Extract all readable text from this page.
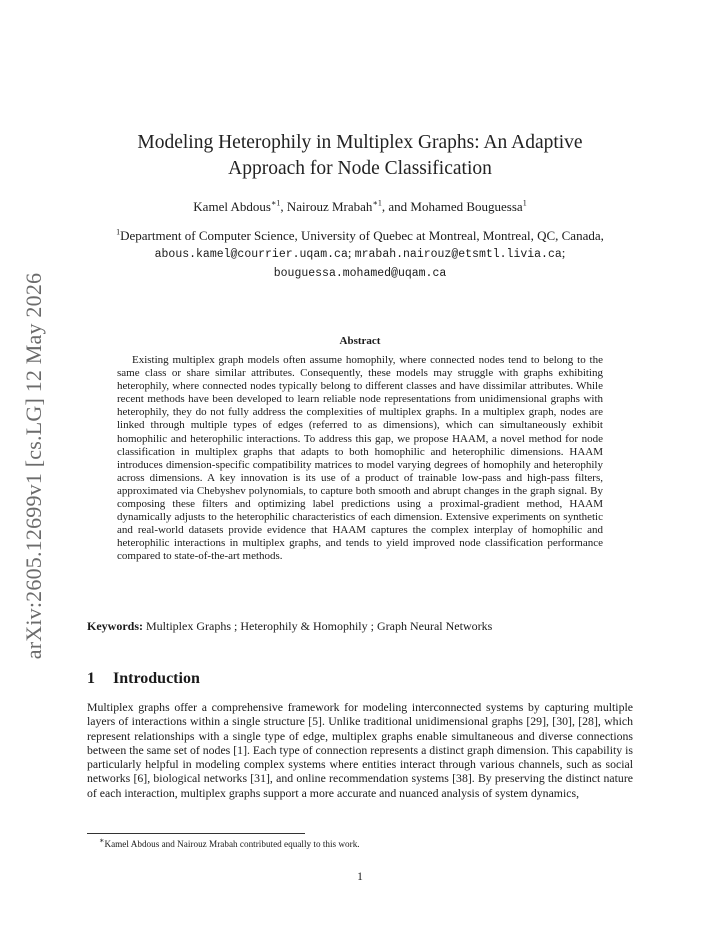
arXiv:2605.12699v1 [cs.LG] 12 May 2026
Modeling Heterophily in Multiplex Graphs: An Adaptive
Approach for Node Classification
Kamel Abdous$^{∗1}$, Nairouz Mrabah$^{∗1}$, and Mohamed Bouguessa$^1$
$^1$Department of Computer Science, University of Quebec at Montreal, Montreal, QC, Canada, abous.kamel@courrier.uqam.ca; mrabah.nairouz@etsmtl.livia.ca;
bouguessa.mohamed@uqam.ca
Abstract
Existing multiplex graph models often assume homophily, where connected nodes tend to belong to the same class or share similar attributes. Consequently, these models may struggle with graphs exhibiting heterophily, where connected nodes typically belong to different classes and have dissimilar attributes. While recent methods have been developed to learn reliable node representations from unidimensional graphs with heterophily, they do not fully address the complexities of multiplex graphs. In a multiplex graph, nodes are linked through multiple types of edges (referred to as dimensions), which can simultaneously exhibit homophilic and heterophilic interactions. To address this gap, we propose HAAM, a novel method for node classification in multiplex graphs that adapts to both homophilic and heterophilic dimensions. HAAM introduces dimension-specific compatibility matrices to model varying degrees of homophily and heterophily across dimensions. A key innovation is its use of a product of trainable low-pass and high-pass filters, approximated via Chebyshev polynomials, to capture both smooth and abrupt changes in the graph signal. By composing these filters and optimizing label predictions using a proximal-gradient method, HAAM dynamically adjusts to the heterophilic characteristics of each dimension. Extensive experiments on synthetic and real-world datasets provide evidence that HAAM captures the complex interplay of homophilic and heterophilic interactions in multiplex graphs, and tends to yield improved node classification performance compared to state-of-the-art methods.
Keywords: Multiplex Graphs ; Heterophily & Homophily ; Graph Neural Networks
1 Introduction
Multiplex graphs offer a comprehensive framework for modeling interconnected systems by capturing multiple layers of interactions within a single structure [5]. Unlike traditional unidimensional graphs [29], [30], [28], which represent relationships with a single type of edge, multiplex graphs enable simultaneous and diverse connections between the same set of nodes [1]. Each type of connection represents a distinct graph dimension. This capability is particularly helpful in modeling complex systems where entities interact through various channels, such as social networks [6], biological networks [31], and online recommendation systems [38]. By preserving the distinct nature of each interaction, multiplex graphs support a more accurate and nuanced analysis of system dynamics,
∗Kamel Abdous and Nairouz Mrabah contributed equally to this work.
1
